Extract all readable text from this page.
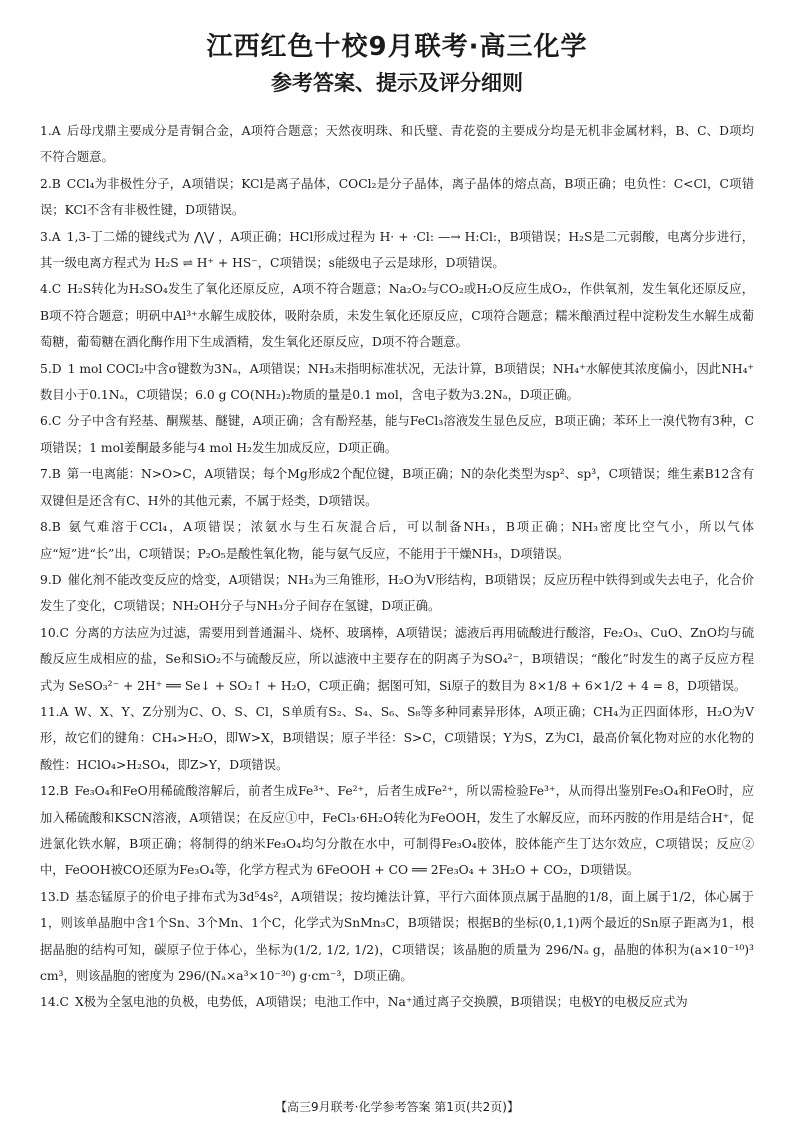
江西红色十校9月联考·高三化学
参考答案、提示及评分细则

1.A 后母戊鼎主要成分是青铜合金，A项符合题意；天然夜明珠、和氏璧、青花瓷的主要成分均是无机非金属材料，B、C、D项均不符合题意。

2.B CCl₄为非极性分子，A项错误；KCl是离子晶体，COCl₂是分子晶体，离子晶体的熔点高，B项正确；电负性：C<Cl，C项错误；KCl不含有非极性键，D项错误。

3.A 1,3-丁二烯的键线式为 ⋀⋁ ，A项正确；HCl形成过程为 H· + ·Cl: —→ H:Cl:，B项错误；H₂S是二元弱酸，电离分步进行，其一级电离方程式为 H₂S ⇌ H⁺ + HS⁻，C项错误；s能级电子云是球形，D项错误。

4.C H₂S转化为H₂SO₄发生了氧化还原反应，A项不符合题意；Na₂O₂与CO₂或H₂O反应生成O₂，作供氧剂，发生氧化还原反应，B项不符合题意；明矾中Al³⁺水解生成胶体，吸附杂质，未发生氧化还原反应，C项符合题意；糯米酿酒过程中淀粉发生水解生成葡萄糖，葡萄糖在酒化酶作用下生成酒精，发生氧化还原反应，D项不符合题意。

5.D 1 mol COCl₂中含σ键数为3Nₐ，A项错误；NH₃未指明标准状况，无法计算，B项错误；NH₄⁺水解使其浓度偏小，因此NH₄⁺数目小于0.1Nₐ，C项错误；6.0 g CO(NH₂)₂物质的量是0.1 mol，含电子数为3.2Nₐ，D项正确。

6.C 分子中含有羟基、酮羰基、醚键，A项正确；含有酚羟基，能与FeCl₃溶液发生显色反应，B项正确；苯环上一溴代物有3种，C项错误；1 mol姜酮最多能与4 mol H₂发生加成反应，D项正确。

7.B 第一电离能：N>O>C，A项错误；每个Mg形成2个配位键，B项正确；N的杂化类型为sp²、sp³，C项错误；维生素B12含有双键但是还含有C、H外的其他元素，不属于烃类，D项错误。

8.B 氨气难溶于CCl₄，A项错误；浓氨水与生石灰混合后，可以制备NH₃，B项正确；NH₃密度比空气小，所以气体应“短”进“长”出，C项错误；P₂O₅是酸性氧化物，能与氨气反应，不能用于干燥NH₃，D项错误。

9.D 催化剂不能改变反应的焓变，A项错误；NH₃为三角锥形，H₂O为V形结构，B项错误；反应历程中铁得到或失去电子，化合价发生了变化，C项错误；NH₂OH分子与NH₃分子间存在氢键，D项正确。

10.C 分离的方法应为过滤，需要用到普通漏斗、烧杯、玻璃棒，A项错误；滤液后再用硫酸进行酸溶，Fe₂O₃、CuO、ZnO均与硫酸反应生成相应的盐，Se和SiO₂不与硫酸反应，所以滤液中主要存在的阴离子为SO₄²⁻，B项错误；“酸化”时发生的离子反应方程式为 SeSO₃²⁻ + 2H⁺ ══ Se↓ + SO₂↑ + H₂O，C项正确；据图可知，Si原子的数目为 8×1/8 + 6×1/2 + 4 = 8，D项错误。

11.A W、X、Y、Z分别为C、O、S、Cl，S单质有S₂、S₄、S₆、S₈等多种同素异形体，A项正确；CH₄为正四面体形，H₂O为V形，故它们的键角：CH₄>H₂O，即W>X，B项错误；原子半径：S>C，C项错误；Y为S，Z为Cl，最高价氧化物对应的水化物的酸性：HClO₄>H₂SO₄，即Z>Y，D项错误。

12.B Fe₃O₄和FeO用稀硫酸溶解后，前者生成Fe³⁺、Fe²⁺，后者生成Fe²⁺，所以需检验Fe³⁺，从而得出鉴别Fe₃O₄和FeO时，应加入稀硫酸和KSCN溶液，A项错误；在反应①中，FeCl₃·6H₂O转化为FeOOH，发生了水解反应，而环丙胺的作用是结合H⁺，促进氯化铁水解，B项正确；将制得的纳米Fe₃O₄均匀分散在水中，可制得Fe₃O₄胶体，胶体能产生丁达尔效应，C项错误；反应②中，FeOOH被CO还原为Fe₃O₄等，化学方程式为 6FeOOH + CO ══ 2Fe₃O₄ + 3H₂O + CO₂，D项错误。

13.D 基态锰原子的价电子排布式为3d⁵4s²，A项错误；按均摊法计算，平行六面体顶点属于晶胞的1/8，面上属于1/2，体心属于1，则该单晶胞中含1个Sn、3个Mn、1个C，化学式为SnMn₃C，B项错误；根据B的坐标(0,1,1)两个最近的Sn原子距离为1，根据晶胞的结构可知，碳原子位于体心，坐标为(1/2, 1/2, 1/2)，C项错误；该晶胞的质量为 296/Nₐ g，晶胞的体积为(a×10⁻¹⁰)³ cm³，则该晶胞的密度为 296/(Nₐ×a³×10⁻³⁰) g·cm⁻³，D项正确。

14.C X极为全氢电池的负极，电势低，A项错误；电池工作中，Na⁺通过离子交换膜，B项错误；电极Y的电极反应式为

【高三9月联考·化学参考答案 第1页(共2页)】
